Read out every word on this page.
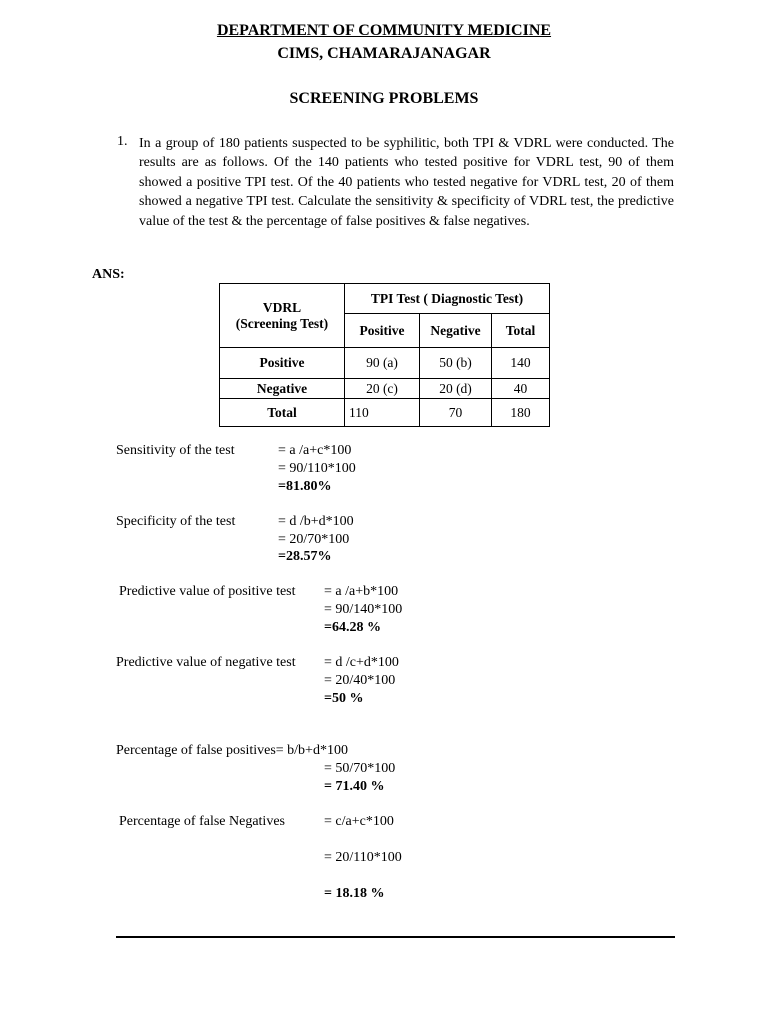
DEPARTMENT OF COMMUNITY MEDICINE
CIMS, CHAMARAJANAGAR
SCREENING PROBLEMS
1. In a group of 180 patients suspected to be syphilitic, both TPI & VDRL were conducted. The results are as follows. Of the 140 patients who tested positive for VDRL test, 90 of them showed a positive TPI test. Of the 40 patients who tested negative for VDRL test, 20 of them showed a negative TPI test. Calculate the sensitivity & specificity of VDRL test, the predictive value of the test & the percentage of false positives & false negatives.
ANS:
VDRL
(Screening Test)	TPI Test ( Diagnostic Test)		
	Positive	Negative	Total
Positive	90 (a)	50 (b)	140
Negative	20 (c)	20 (d)	40
Total	110	70	180
Sensitivity of the test	= a /a+c*100
= 90/110*100
=81.80%
Specificity of the test	= d /b+d*100
= 20/70*100
=28.57%
Predictive value of positive test = a /a+b*100
= 90/140*100
=64.28 %
Predictive value of negative test = d /c+d*100
= 20/40*100
=50 %
Percentage of false positives= b/b+d*100
= 50/70*100
= 71.40 %
Percentage of false Negatives	= c/a+c*100
= 20/110*100
= 18.18 %
